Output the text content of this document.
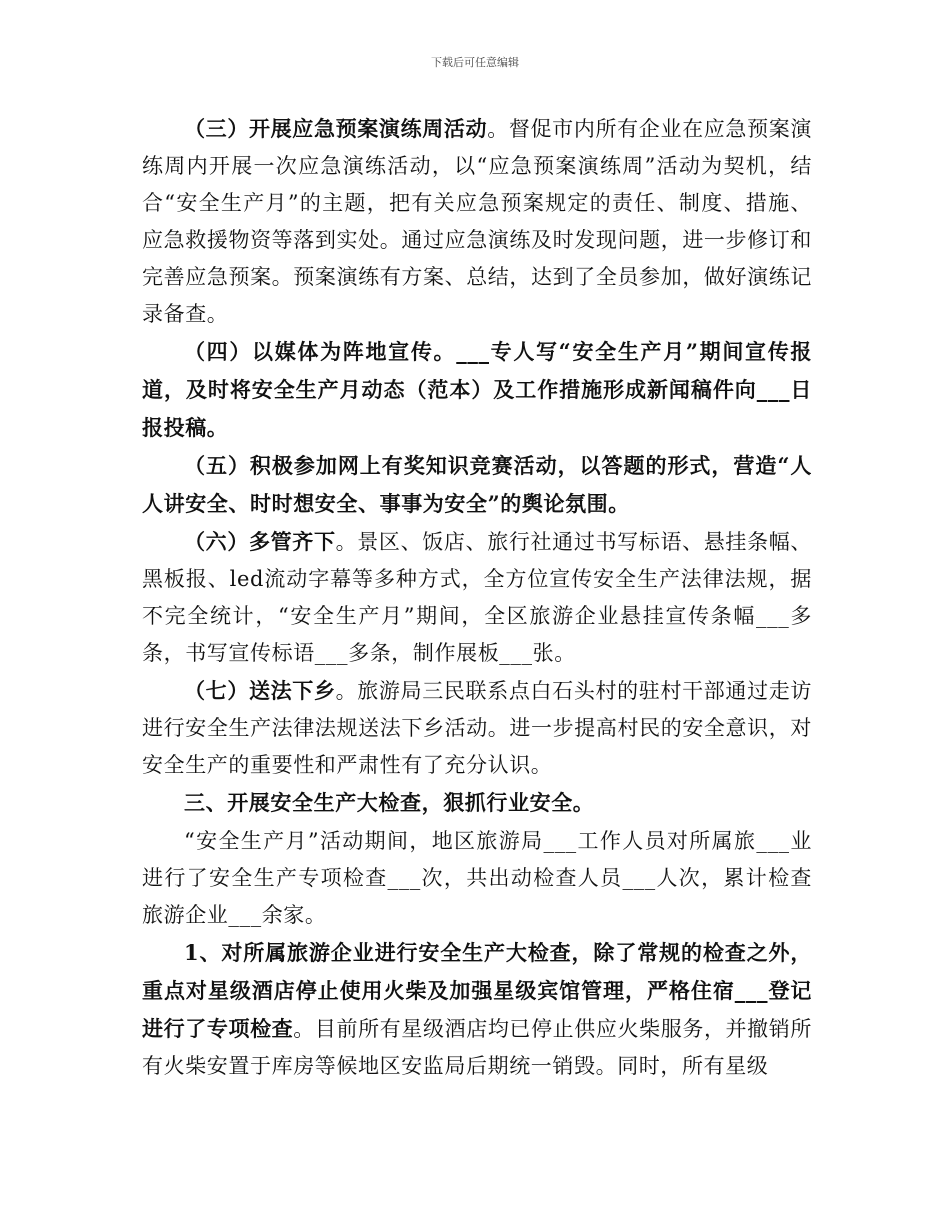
下载后可任意编辑

（三）开展应急预案演练周活动。督促市内所有企业在应急预案演练周内开展一次应急演练活动，以“应急预案演练周”活动为契机，结合“安全生产月”的主题，把有关应急预案规定的责任、制度、措施、应急救援物资等落到实处。通过应急演练及时发现问题，进一步修订和完善应急预案。预案演练有方案、总结，达到了全员参加，做好演练记录备查。

（四）以媒体为阵地宣传。___专人写“安全生产月”期间宣传报道，及时将安全生产月动态（范本）及工作措施形成新闻稿件向___日报投稿。

（五）积极参加网上有奖知识竞赛活动，以答题的形式，营造“人人讲安全、时时想安全、事事为安全”的舆论氛围。

（六）多管齐下。景区、饭店、旅行社通过书写标语、悬挂条幅、黑板报、led流动字幕等多种方式，全方位宣传安全生产法律法规，据不完全统计，“安全生产月”期间，全区旅游企业悬挂宣传条幅___多条，书写宣传标语___多条，制作展板___张。

（七）送法下乡。旅游局三民联系点白石头村的驻村干部通过走访进行安全生产法律法规送法下乡活动。进一步提高村民的安全意识，对安全生产的重要性和严肃性有了充分认识。

三、开展安全生产大检查，狠抓行业安全。

“安全生产月”活动期间，地区旅游局___工作人员对所属旅___业进行了安全生产专项检查___次，共出动检查人员___人次，累计检查旅游企业___余家。

1、对所属旅游企业进行安全生产大检查，除了常规的检查之外，重点对星级酒店停止使用火柴及加强星级宾馆管理，严格住宿___登记进行了专项检查。目前所有星级酒店均已停止供应火柴服务，并撤销所有火柴安置于库房等候地区安监局后期统一销毁。同时，所有星级
